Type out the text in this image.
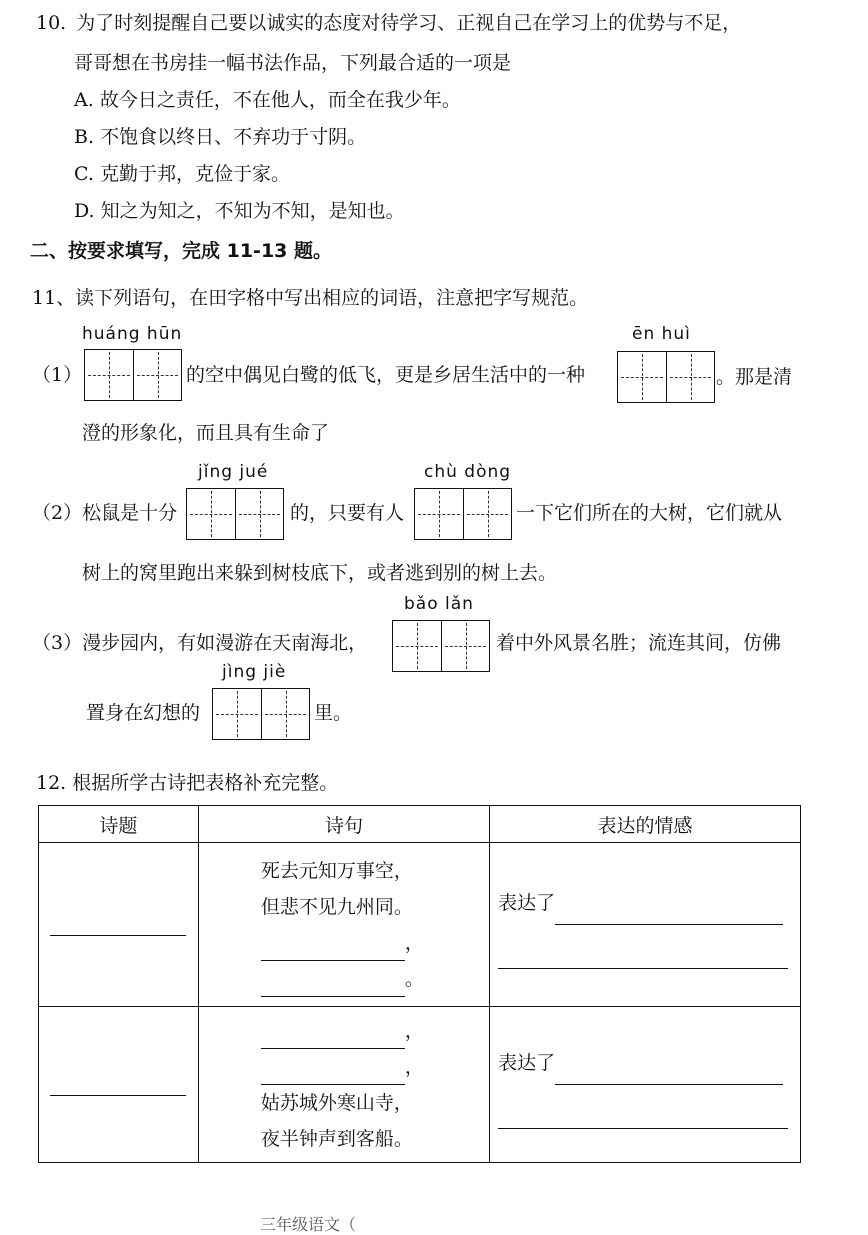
10. 为了时刻提醒自己要以诚实的态度对待学习、正视自己在学习上的优势与不足，
哥哥想在书房挂一幅书法作品，下列最合适的一项是
A. 故今日之责任，不在他人，而全在我少年。
B. 不饱食以终日、不弃功于寸阴。
C. 克勤于邦，克俭于家。
D. 知之为知之，不知为不知，是知也。
二、按要求填写，完成 11-13 题。
11、读下列语句，在田字格中写出相应的词语，注意把字写规范。
huáng hūn	ēn huì
（1）	的空中偶见白鹭的低飞，更是乡居生活中的一种	。那是清
澄的形象化，而且具有生命了
jǐng jué	chù dòng
（2）松鼠是十分	的，只要有人	一下它们所在的大树，它们就从
树上的窝里跑出来躲到树枝底下，或者逃到别的树上去。
bǎo lǎn
（3）漫步园内，有如漫游在天南海北，	着中外风景名胜；流连其间，仿佛
jìng jiè
置身在幻想的	里。
12. 根据所学古诗把表格补充完整。
诗题	诗句	表达的情感

	死去元知万事空，
但悲不见九州同。
，
。	表达了

	，
，
姑苏城外寒山寺，
夜半钟声到客船。	表达了
三年级语文（
